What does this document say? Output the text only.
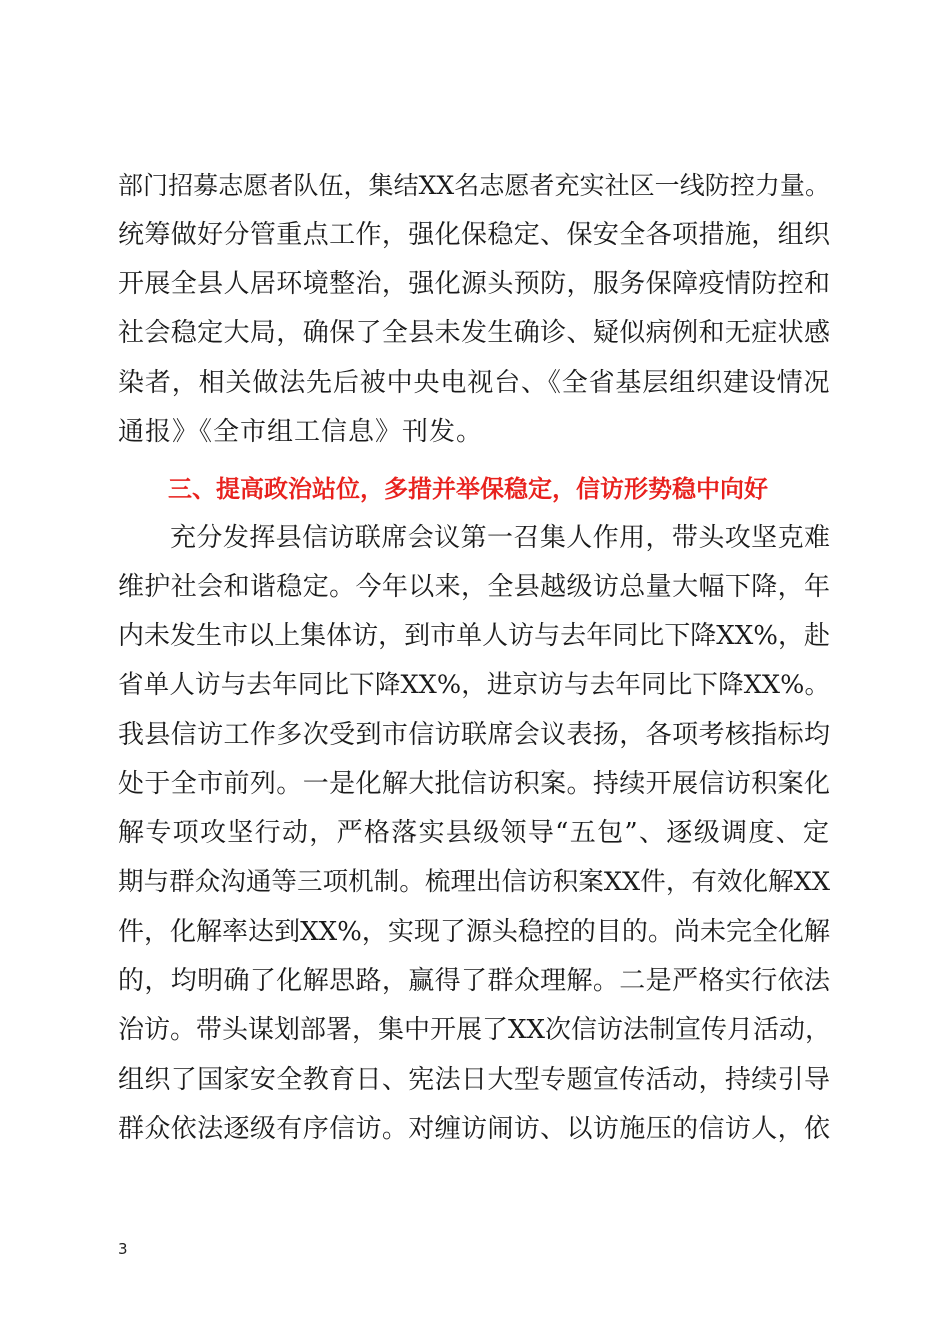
部门招募志愿者队伍，集结XX名志愿者充实社区一线防控力量。
统筹做好分管重点工作，强化保稳定、保安全各项措施，组织
开展全县人居环境整治，强化源头预防，服务保障疫情防控和
社会稳定大局，确保了全县未发生确诊、疑似病例和无症状感
染者，相关做法先后被中央电视台、《全省基层组织建设情况
通报》《全市组工信息》刊发。
三、提高政治站位，多措并举保稳定，信访形势稳中向好
充分发挥县信访联席会议第一召集人作用，带头攻坚克难
维护社会和谐稳定。今年以来，全县越级访总量大幅下降，年
内未发生市以上集体访，到市单人访与去年同比下降XX%，赴
省单人访与去年同比下降XX%，进京访与去年同比下降XX%。
我县信访工作多次受到市信访联席会议表扬，各项考核指标均
处于全市前列。一是化解大批信访积案。持续开展信访积案化
解专项攻坚行动，严格落实县级领导“五包”、逐级调度、定
期与群众沟通等三项机制。梳理出信访积案XX件，有效化解XX
件，化解率达到XX%，实现了源头稳控的目的。尚未完全化解
的，均明确了化解思路，赢得了群众理解。二是严格实行依法
治访。带头谋划部署，集中开展了XX次信访法制宣传月活动，
组织了国家安全教育日、宪法日大型专题宣传活动，持续引导
群众依法逐级有序信访。对缠访闹访、以访施压的信访人，依
3
